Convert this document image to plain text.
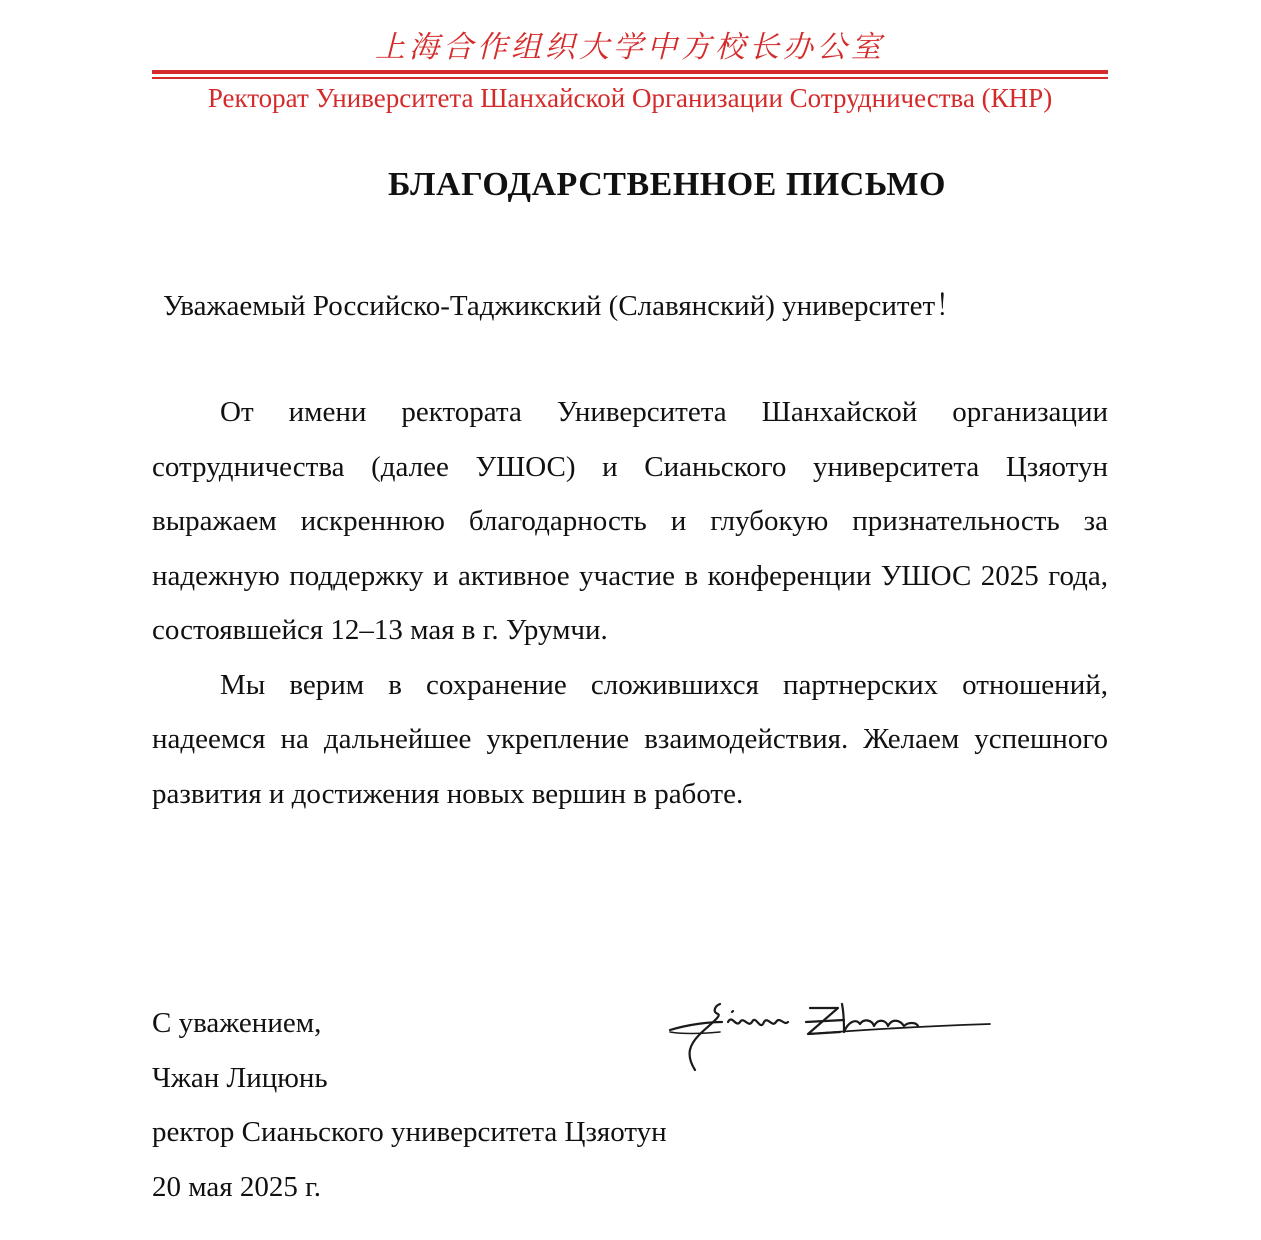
上海合作组织大学中方校长办公室
Ректорат Университета Шанхайской Организации Сотрудничества (КНР)
БЛАГОДАРСТВЕННОЕ ПИСЬМО
Уважаемый Российско-Таджикский (Славянский) университет！

От имени ректората Университета Шанхайской организации сотрудничества (далее УШОС) и Сианьского университета Цзяотун выражаем искреннюю благодарность и глубокую признательность за надежную поддержку и активное участие в конференции УШОС 2025 года, состоявшейся 12–13 мая в г. Урумчи.

Мы верим в сохранение сложившихся партнерских отношений, надеемся на дальнейшее укрепление взаимодействия. Желаем успешного развития и достижения новых вершин в работе.

С уважением,
Чжан Лицюнь
ректор Сианьского университета Цзяотун
20 мая 2025 г.
